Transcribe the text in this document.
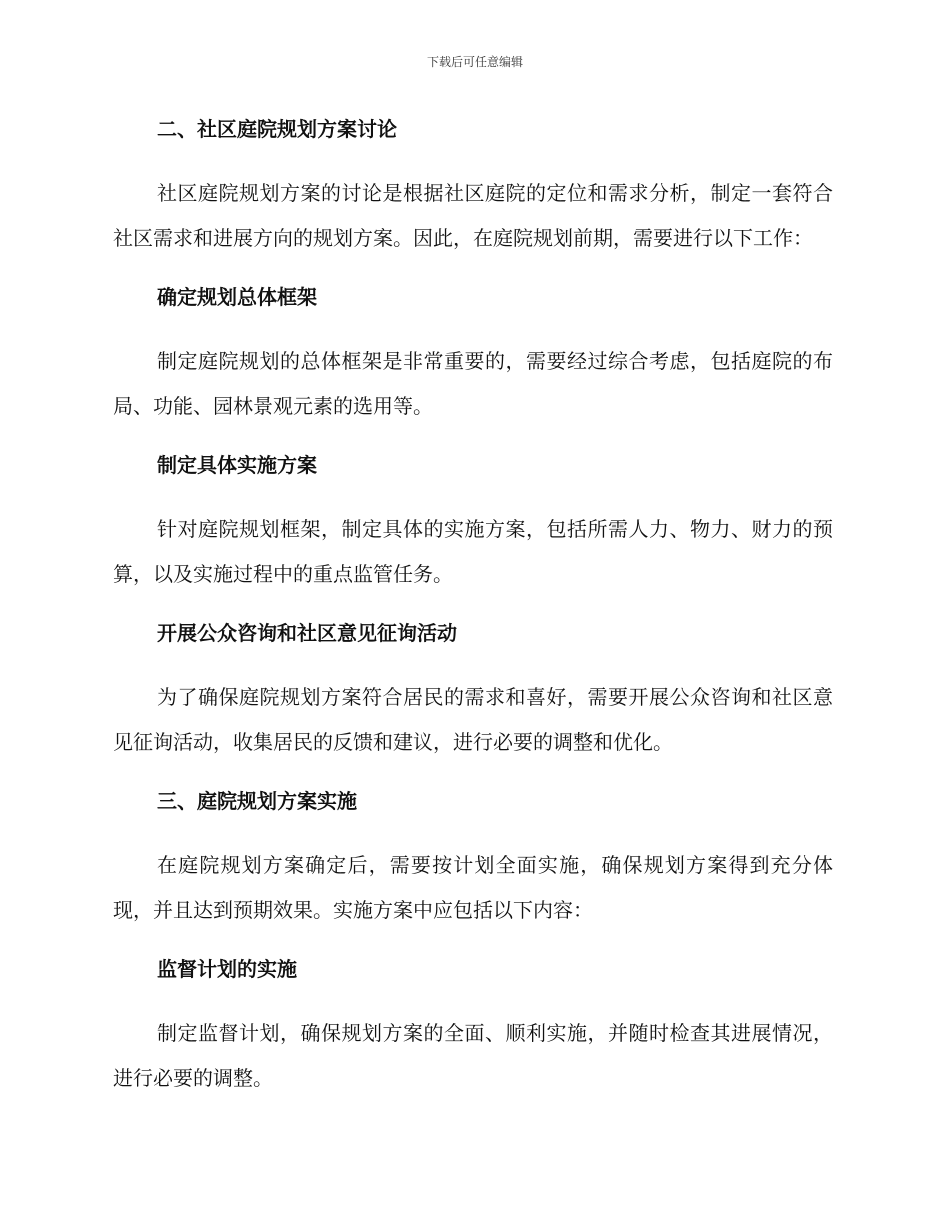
下载后可任意编辑
二、社区庭院规划方案讨论

社区庭院规划方案的讨论是根据社区庭院的定位和需求分析，制定一套符合社区需求和进展方向的规划方案。因此，在庭院规划前期，需要进行以下工作：

确定规划总体框架

制定庭院规划的总体框架是非常重要的，需要经过综合考虑，包括庭院的布局、功能、园林景观元素的选用等。

制定具体实施方案

针对庭院规划框架，制定具体的实施方案，包括所需人力、物力、财力的预算，以及实施过程中的重点监管任务。

开展公众咨询和社区意见征询活动

为了确保庭院规划方案符合居民的需求和喜好，需要开展公众咨询和社区意见征询活动，收集居民的反馈和建议，进行必要的调整和优化。

三、庭院规划方案实施

在庭院规划方案确定后，需要按计划全面实施，确保规划方案得到充分体现，并且达到预期效果。实施方案中应包括以下内容：

监督计划的实施

制定监督计划，确保规划方案的全面、顺利实施，并随时检查其进展情况，进行必要的调整。
